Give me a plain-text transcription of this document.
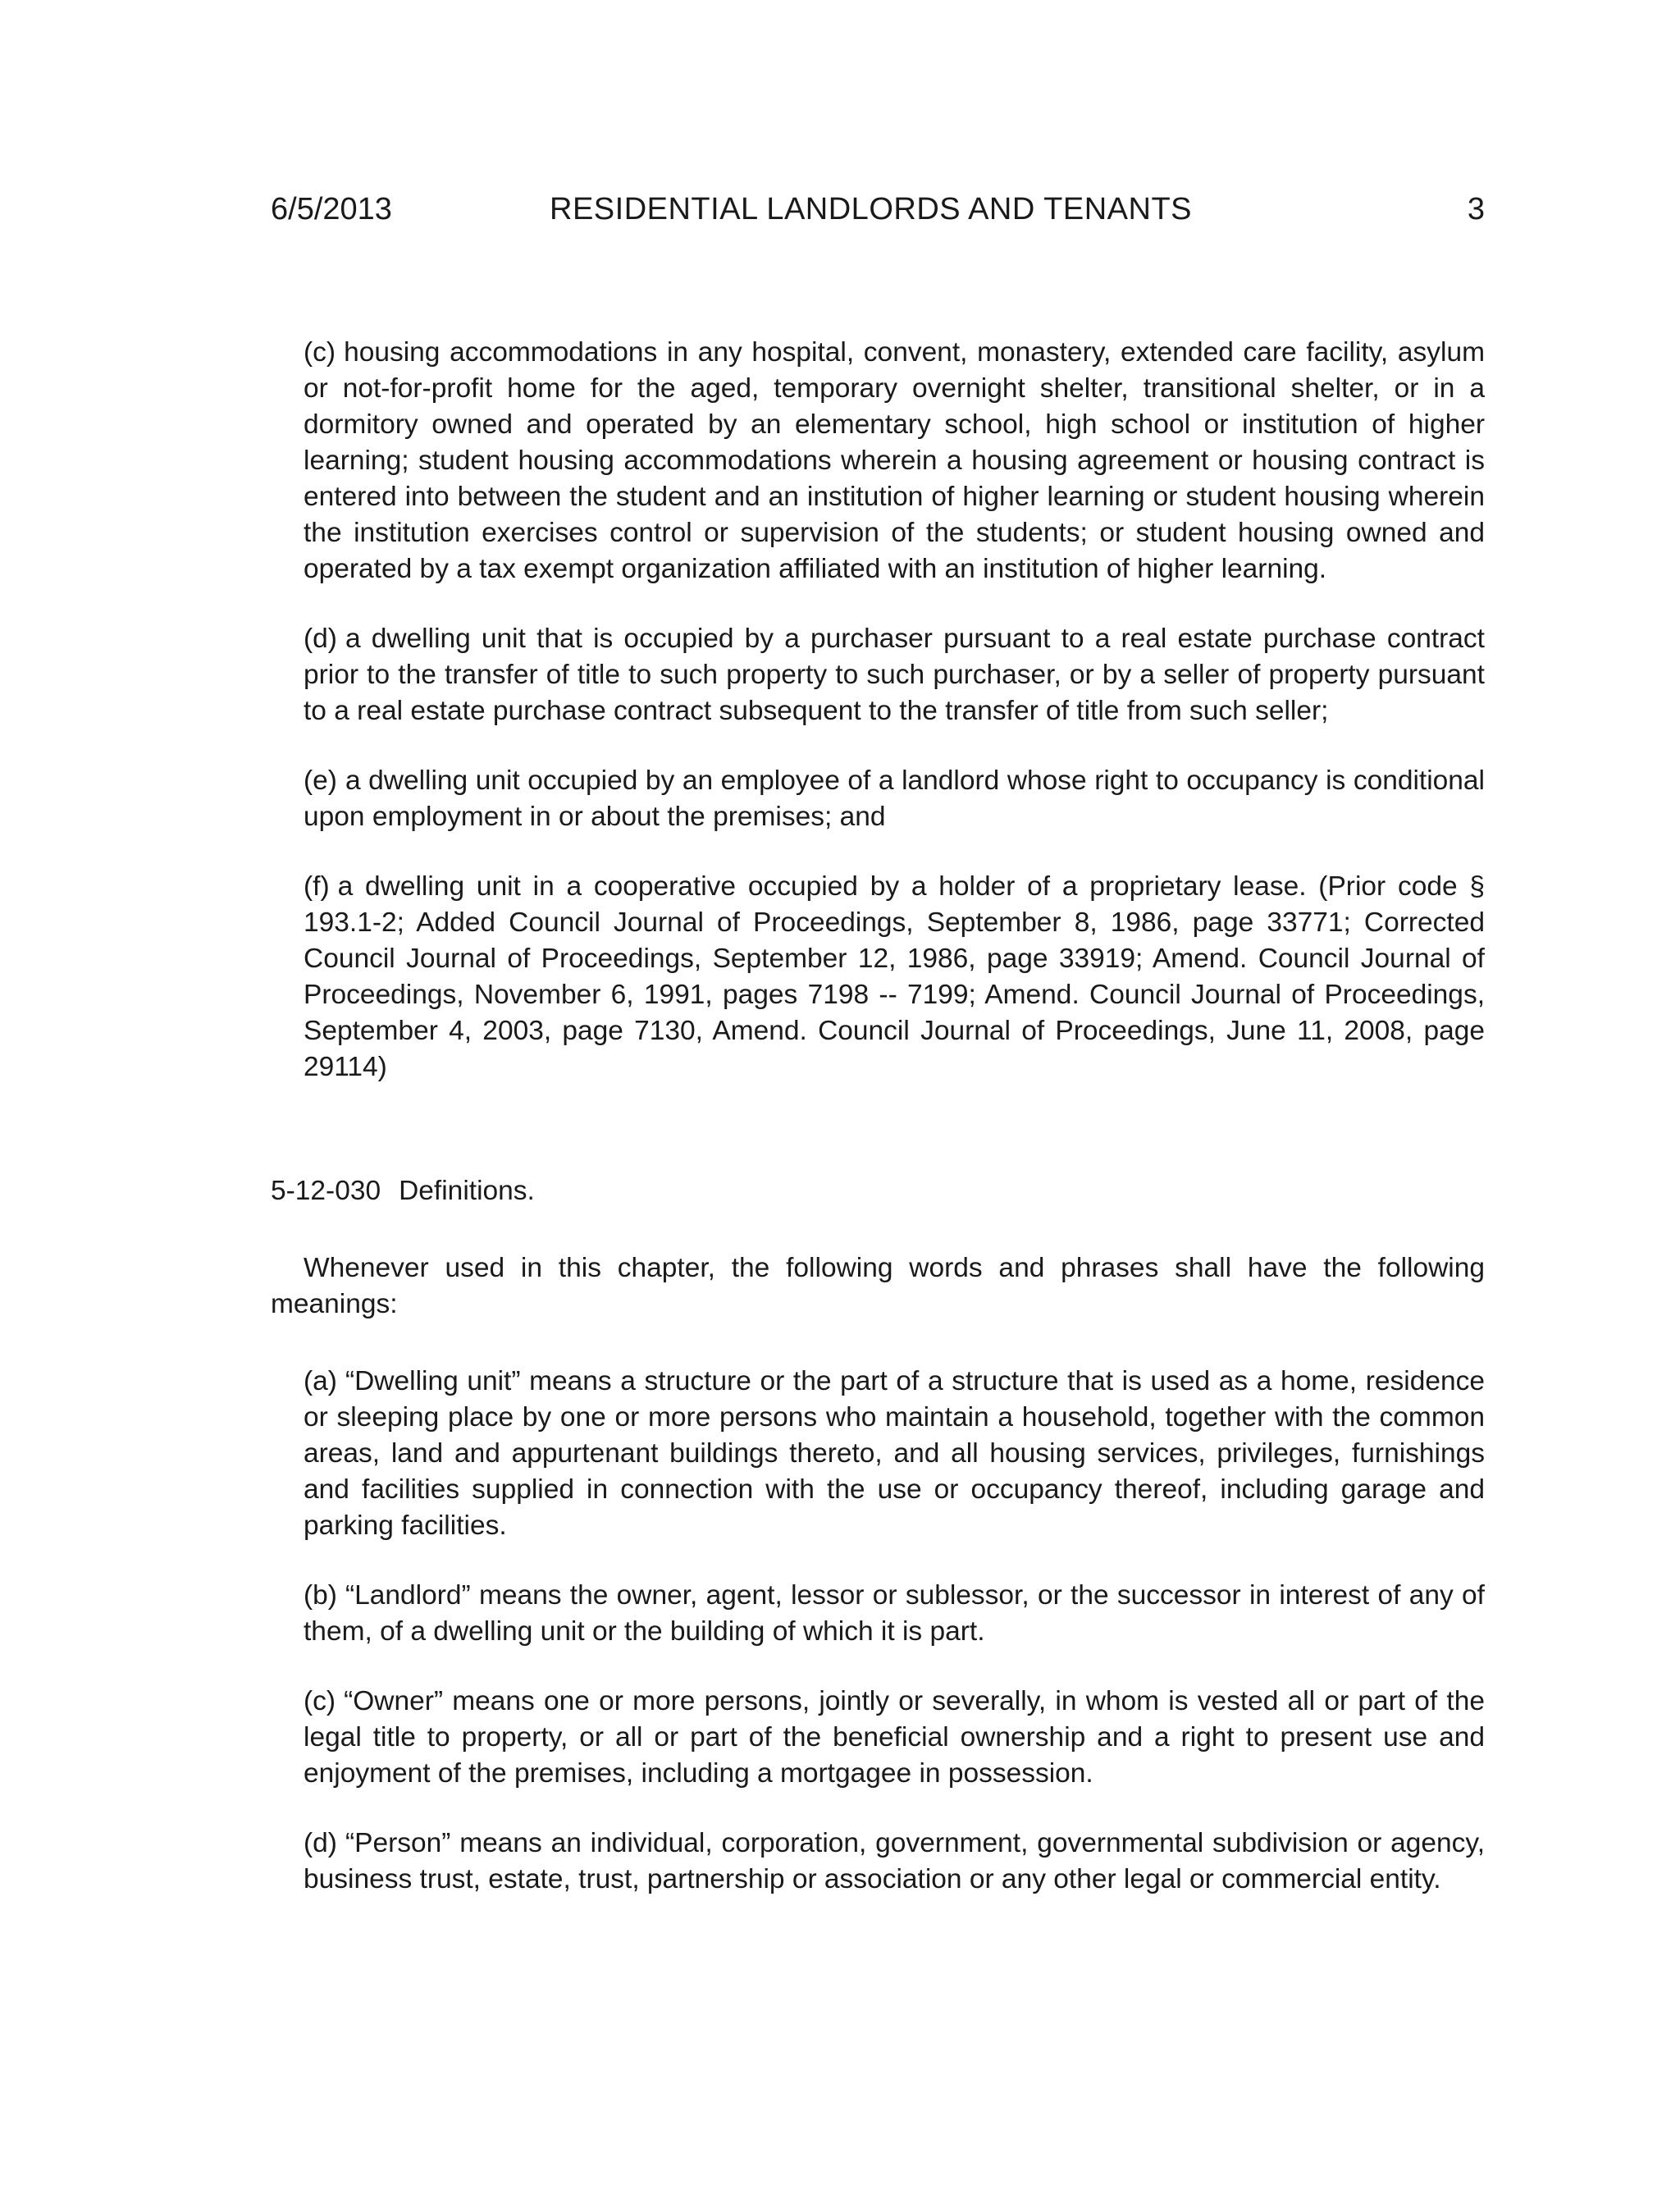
6/5/2013	RESIDENTIAL LANDLORDS AND TENANTS	3

(c) housing accommodations in any hospital, convent, monastery, extended care facility, asylum or not-for-profit home for the aged, temporary overnight shelter, transitional shelter, or in a dormitory owned and operated by an elementary school, high school or institution of higher learning; student housing accommodations wherein a housing agreement or housing contract is entered into between the student and an institution of higher learning or student housing wherein the institution exercises control or supervision of the students; or student housing owned and operated by a tax exempt organization affiliated with an institution of higher learning.

(d) a dwelling unit that is occupied by a purchaser pursuant to a real estate purchase contract prior to the transfer of title to such property to such purchaser, or by a seller of property pursuant to a real estate purchase contract subsequent to the transfer of title from such seller;

(e) a dwelling unit occupied by an employee of a landlord whose right to occupancy is conditional upon employment in or about the premises; and

(f) a dwelling unit in a cooperative occupied by a holder of a proprietary lease. (Prior code § 193.1-2; Added Council Journal of Proceedings, September 8, 1986, page 33771; Corrected Council Journal of Proceedings, September 12, 1986, page 33919; Amend. Council Journal of Proceedings, November 6, 1991, pages 7198 -- 7199; Amend. Council Journal of Proceedings, September 4, 2003, page 7130, Amend. Council Journal of Proceedings, June 11, 2008, page 29114)

5-12-030 Definitions.

Whenever used in this chapter, the following words and phrases shall have the following meanings:

(a) “Dwelling unit” means a structure or the part of a structure that is used as a home, residence or sleeping place by one or more persons who maintain a household, together with the common areas, land and appurtenant buildings thereto, and all housing services, privileges, furnishings and facilities supplied in connection with the use or occupancy thereof, including garage and parking facilities.

(b) “Landlord” means the owner, agent, lessor or sublessor, or the successor in interest of any of them, of a dwelling unit or the building of which it is part.

(c) “Owner” means one or more persons, jointly or severally, in whom is vested all or part of the legal title to property, or all or part of the beneficial ownership and a right to present use and enjoyment of the premises, including a mortgagee in possession.

(d) “Person” means an individual, corporation, government, governmental subdivision or agency, business trust, estate, trust, partnership or association or any other legal or commercial entity.
